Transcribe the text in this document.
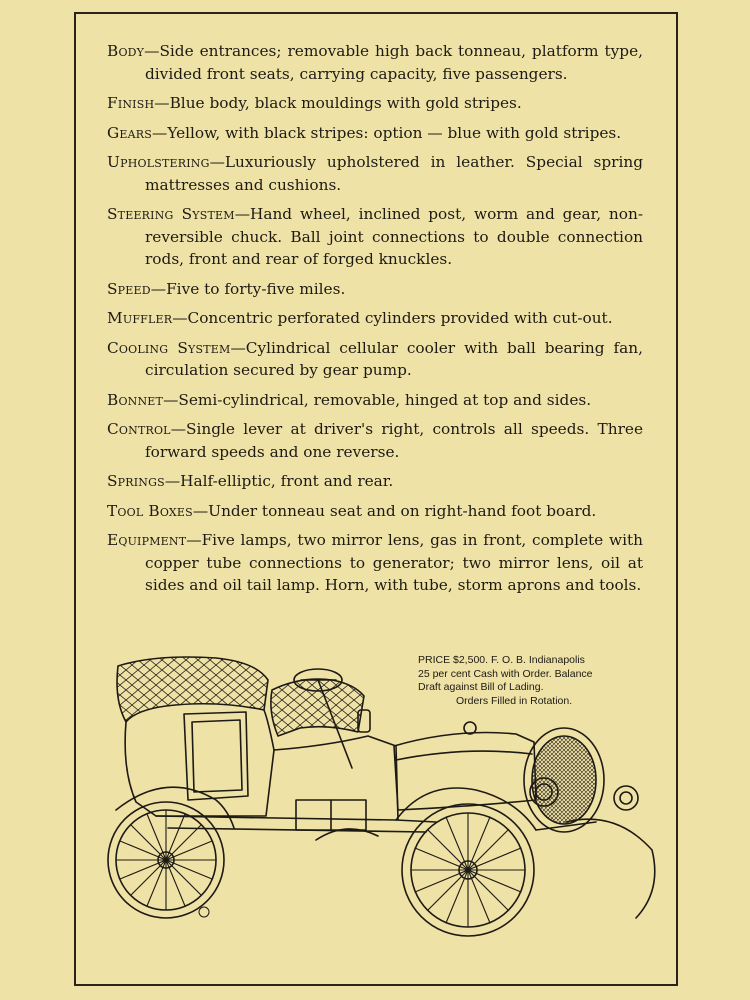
Body—Side entrances; removable high back tonneau, platform type, divided front seats, carrying capacity, five passengers.

Finish—Blue body, black mouldings with gold stripes.

Gears—Yellow, with black stripes: option — blue with gold stripes.

Upholstering—Luxuriously upholstered in leather. Special spring mattresses and cushions.

Steering System—Hand wheel, inclined post, worm and gear, non-reversible chuck. Ball joint connections to double connection rods, front and rear of forged knuckles.

Speed—Five to forty-five miles.

Muffler—Concentric perforated cylinders provided with cut-out.

Cooling System—Cylindrical cellular cooler with ball bearing fan, circulation secured by gear pump.

Bonnet—Semi-cylindrical, removable, hinged at top and sides.

Control—Single lever at driver's right, controls all speeds. Three forward speeds and one reverse.

Springs—Half-elliptic, front and rear.

Tool Boxes—Under tonneau seat and on right-hand foot board.

Equipment—Five lamps, two mirror lens, gas in front, complete with copper tube connections to generator; two mirror lens, oil at sides and oil tail lamp. Horn, with tube, storm aprons and tools.

PRICE $2,500. F. O. B. Indianapolis
25 per cent Cash with Order. Balance
Draft against Bill of Lading.
Orders Filled in Rotation.
